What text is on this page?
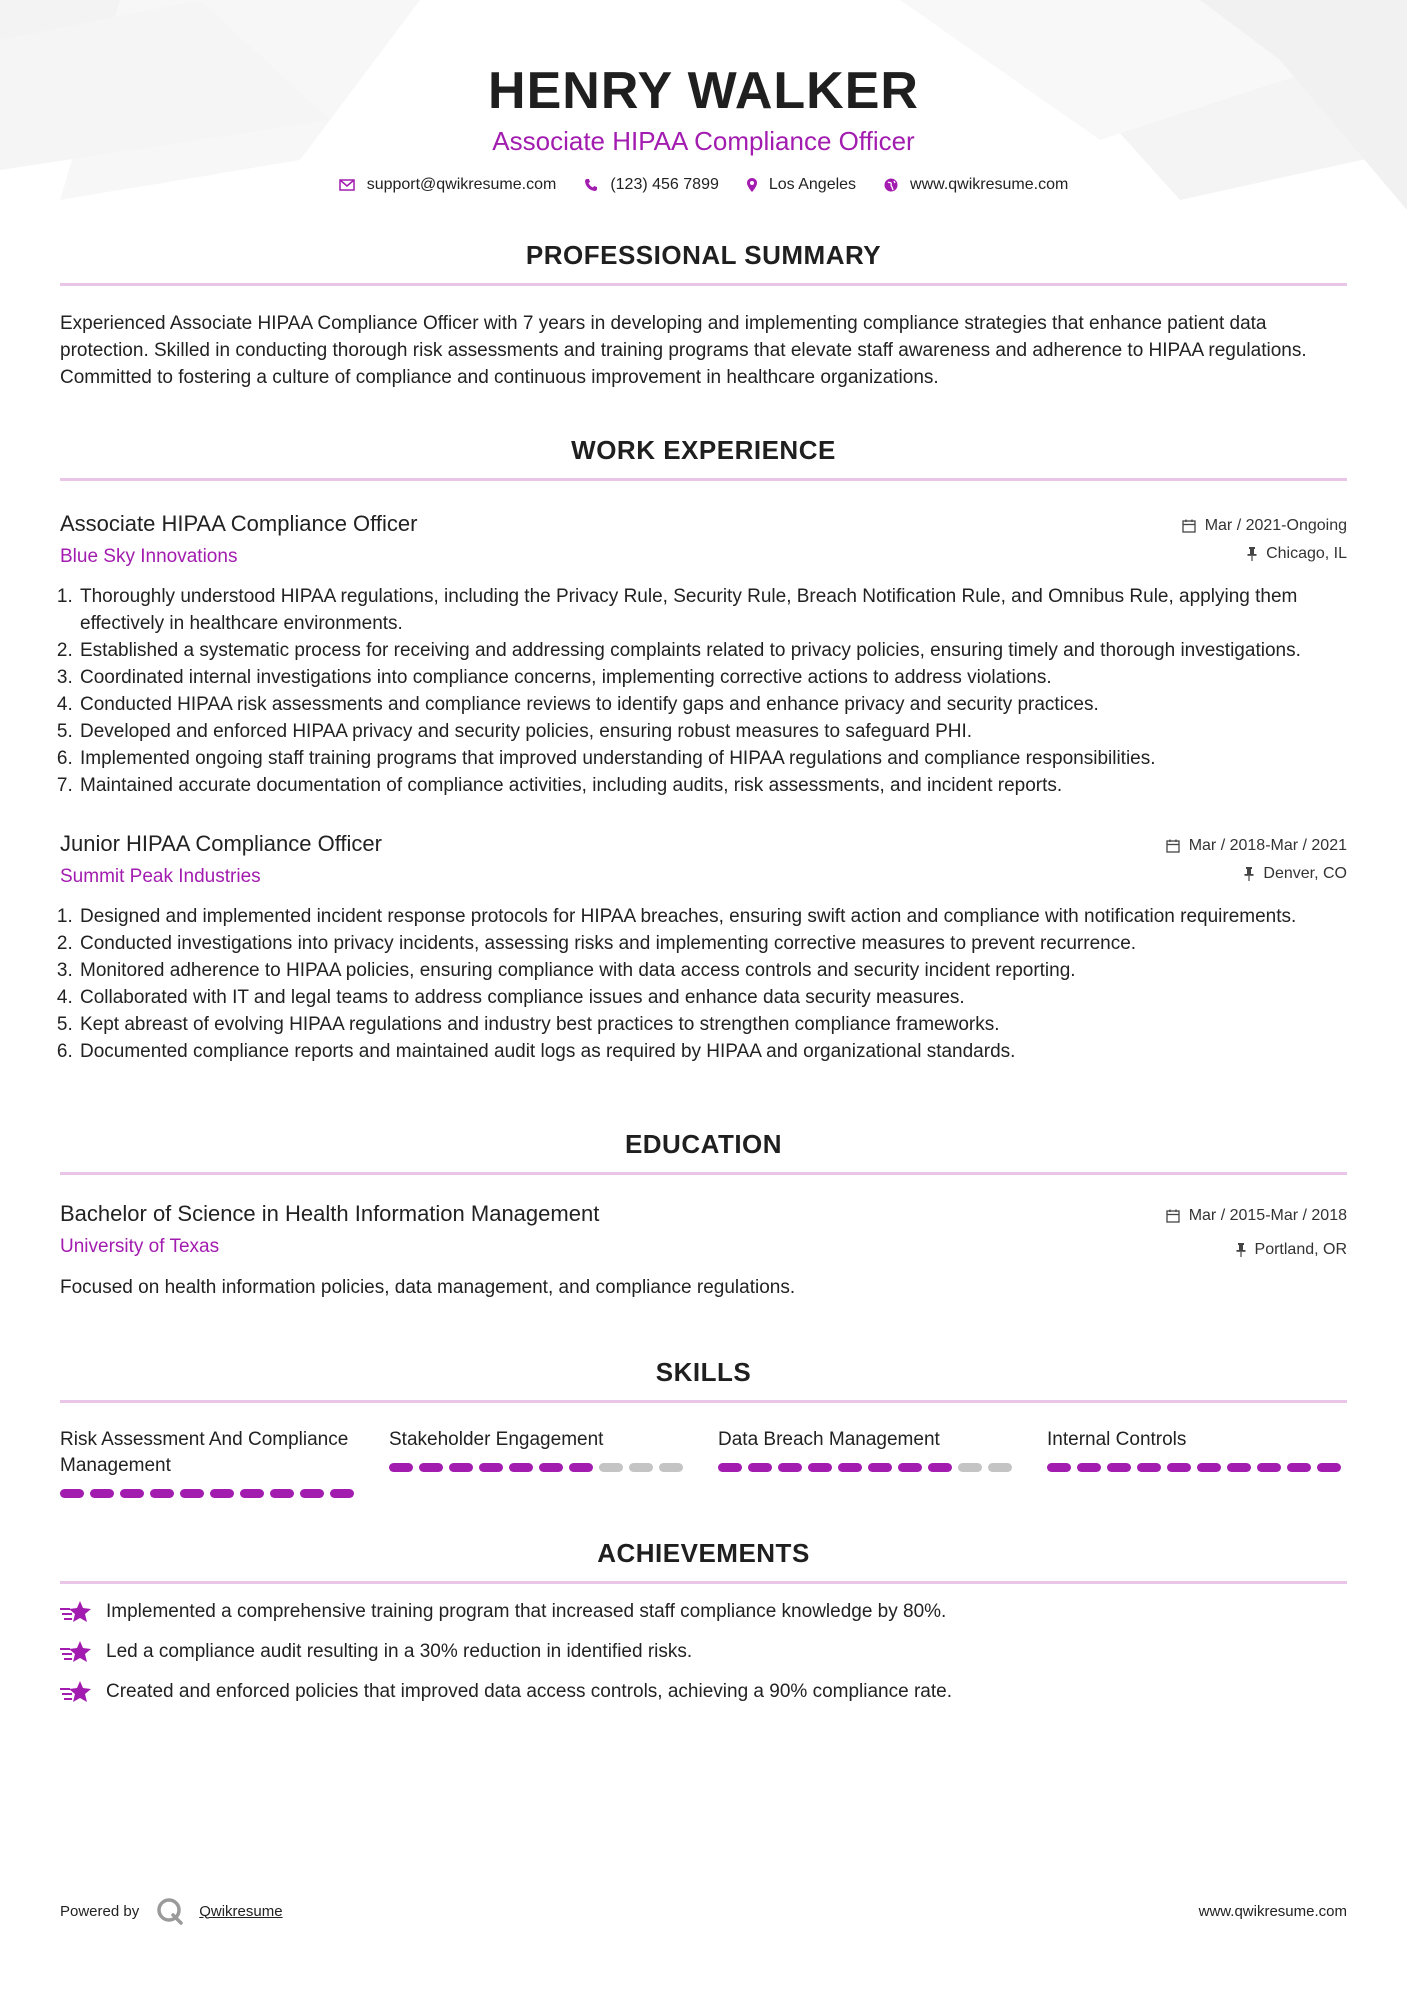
HENRY WALKER
Associate HIPAA Compliance Officer
support@qwikresume.com	(123) 456 7899	Los Angeles	www.qwikresume.com
PROFESSIONAL SUMMARY
Experienced Associate HIPAA Compliance Officer with 7 years in developing and implementing compliance strategies that enhance patient data protection. Skilled in conducting thorough risk assessments and training programs that elevate staff awareness and adherence to HIPAA regulations. Committed to fostering a culture of compliance and continuous improvement in healthcare organizations.
WORK EXPERIENCE
Associate HIPAA Compliance Officer
Blue Sky Innovations
Mar / 2021-Ongoing
Chicago, IL
1. Thoroughly understood HIPAA regulations, including the Privacy Rule, Security Rule, Breach Notification Rule, and Omnibus Rule, applying them effectively in healthcare environments.
2. Established a systematic process for receiving and addressing complaints related to privacy policies, ensuring timely and thorough investigations.
3. Coordinated internal investigations into compliance concerns, implementing corrective actions to address violations.
4. Conducted HIPAA risk assessments and compliance reviews to identify gaps and enhance privacy and security practices.
5. Developed and enforced HIPAA privacy and security policies, ensuring robust measures to safeguard PHI.
6. Implemented ongoing staff training programs that improved understanding of HIPAA regulations and compliance responsibilities.
7. Maintained accurate documentation of compliance activities, including audits, risk assessments, and incident reports.
Junior HIPAA Compliance Officer
Summit Peak Industries
Mar / 2018-Mar / 2021
Denver, CO
1. Designed and implemented incident response protocols for HIPAA breaches, ensuring swift action and compliance with notification requirements.
2. Conducted investigations into privacy incidents, assessing risks and implementing corrective measures to prevent recurrence.
3. Monitored adherence to HIPAA policies, ensuring compliance with data access controls and security incident reporting.
4. Collaborated with IT and legal teams to address compliance issues and enhance data security measures.
5. Kept abreast of evolving HIPAA regulations and industry best practices to strengthen compliance frameworks.
6. Documented compliance reports and maintained audit logs as required by HIPAA and organizational standards.
EDUCATION
Bachelor of Science in Health Information Management
University of Texas
Mar / 2015-Mar / 2018
Portland, OR
Focused on health information policies, data management, and compliance regulations.
SKILLS
Risk Assessment And Compliance Management
Stakeholder Engagement	Data Breach Management	Internal Controls
ACHIEVEMENTS
Implemented a comprehensive training program that increased staff compliance knowledge by 80%.
Led a compliance audit resulting in a 30% reduction in identified risks.
Created and enforced policies that improved data access controls, achieving a 90% compliance rate.
Powered by	Qwikresume	www.qwikresume.com
